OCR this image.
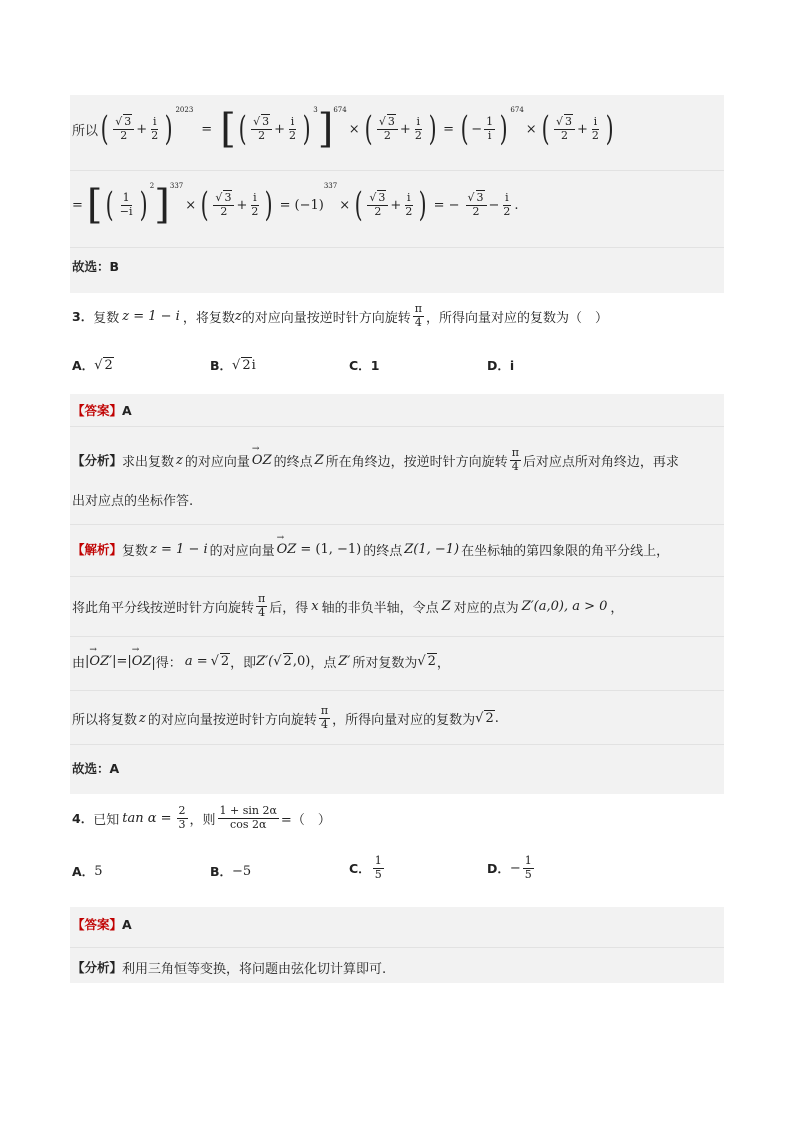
所以 ( $\frac{√ 3}{2} + \frac{i}{2}$ ) 2023
= [ ( $\frac{√ 3}{2} + \frac{i}{2}$ ) 3 ] 674
× ( $\frac{√ 3}{2} + \frac{i}{2}$ ) = ( − $\frac{1}{i}$ ) 674
× ( $\frac{√ 3}{2} + \frac{i}{2}$ )
= [ ( $\frac{1}{-i}$ ) 2 ] 337
× ( $\frac{√ 3}{2} + \frac{i}{2}$ ) = ( −1 )
337
× ( $\frac{√ 3}{2} + \frac{i}{2}$ ) = − $\frac{√ 3}{2} - \frac{i}{2}$ .
故选：B
3． 复数 z = 1 − i ，将复数 z 的对应向量按逆时针方向旋转 $\frac{\pi}{4}$ ，所得向量对应的复数为（　）
A． √ 2	B． √ 2 i	C． 1	D． i
【答案】 A
【分析】 求出复数 z 的对应向量 → OZ 的终点 Z 所在角终边，按逆时针方向旋转 $\frac{\pi}{4}$ 后对应点所对角终边，再求
出对应点的坐标作答.
【解析】 复数 z = 1 − i 的对应向量 → OZ = (1, −1) 的终点 Z(1, −1) 在坐标轴的第四象限的角平分线上，
将此角平分线按逆时针方向旋转 $\frac{\pi}{4}$ 后，得 x 轴的非负半轴，令点 Z 对应的点为 Z′(a,0), a > 0 ，
由 | → OZ′ |=| → OZ |得： a = √ 2 ，即 Z′( √ 2 ,0) ，点 Z′ 所对复数为 √ 2 ，
所以将复数 z 的对应向量按逆时针方向旋转 $\frac{\pi}{4}$ ，所得向量对应的复数为 √ 2 .
故选：A
4． 已知 $\tan \alpha = \frac{2}{3}$ ，则 $\frac{1 + \sin 2\alpha}{\cos 2\alpha}$ =（　）
A． 5	B． −5	C． $\frac{1}{5}$	D． − $\frac{1}{5}$
【答案】 A
【分析】 利用三角恒等变换，将问题由弦化切计算即可.
